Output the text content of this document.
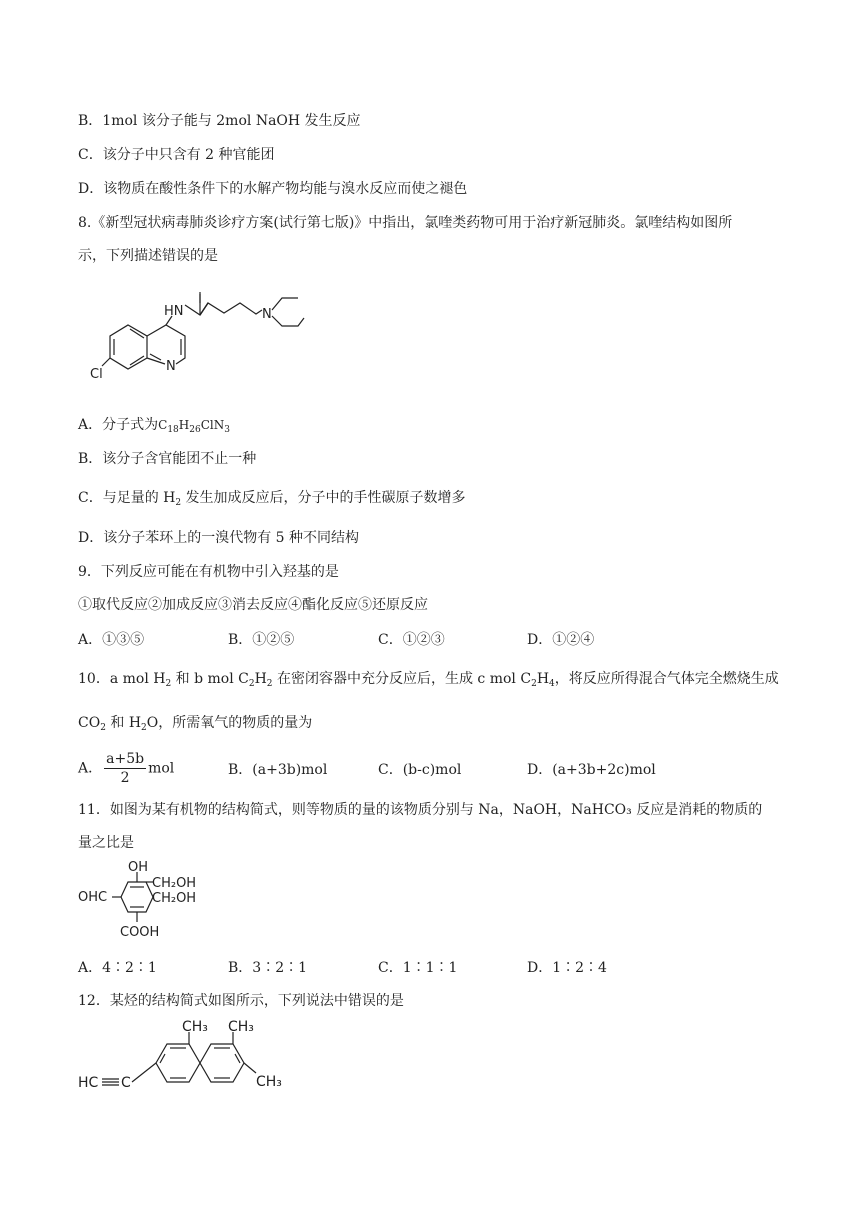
B．1mol 该分子能与 2mol NaOH 发生反应
C．该分子中只含有 2 种官能团
D．该物质在酸性条件下的水解产物均能与溴水反应而使之褪色
8.《新型冠状病毒肺炎诊疗方案(试行第七版)》中指出，氯喹类药物可用于治疗新冠肺炎。氯喹结构如图所
示，下列描述错误的是
HN	N
N
Cl
A．分子式为$C_{18}H_{26}ClN_3$
B．该分子含官能团不止一种
C．与足量的 $H_2$ 发生加成反应后，分子中的手性碳原子数增多
D．该分子苯环上的一溴代物有 5 种不同结构
9．下列反应可能在有机物中引入羟基的是
①取代反应②加成反应③消去反应④酯化反应⑤还原反应
A．①③⑤	B．①②⑤	C．①②③	D．①②④
10．a mol $H_2$ 和 b mol $C_2H_2$ 在密闭容器中充分反应后，生成 c mol $C_2H_4$，将反应所得混合气体完全燃烧生成
$CO_2$ 和 $H_2O$，所需氧气的物质的量为
A． $\frac{a+5b}{2}$ mol	B．(a+3b)mol	C．(b-c)mol	D．(a+3b+2c)mol
11．如图为某有机物的结构简式，则等物质的量的该物质分别与 Na，NaOH，NaHCO₃ 反应是消耗的物质的
量之比是
OH
OHC
CH₂OH
CH₂OH
COOH
A．4∶2∶1	B．3∶2∶1	C．1∶1∶1	D．1∶2∶4
12．某烃的结构简式如图所示，下列说法中错误的是
CH₃ CH₃
CH₃
HC C
